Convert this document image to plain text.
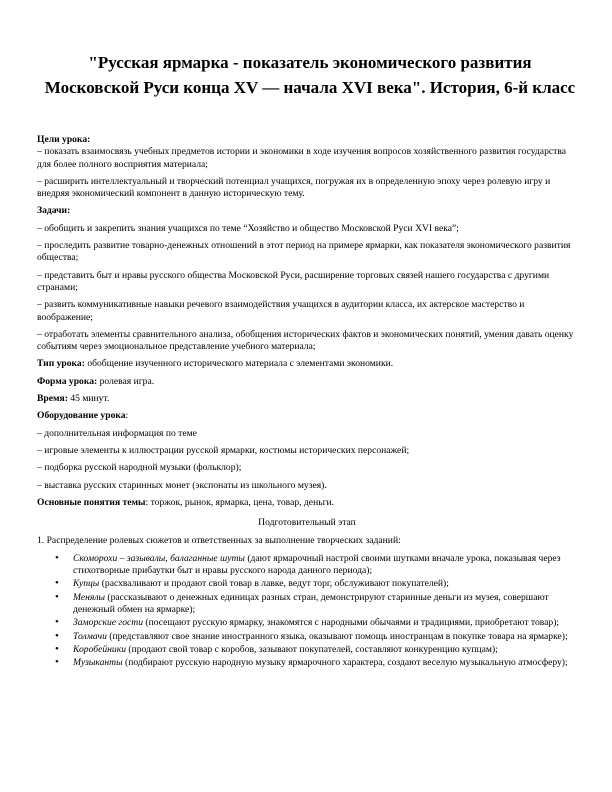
"Русская ярмарка - показатель экономического развития Московской Руси конца XV — начала XVI века". История, 6-й класс

Цели урока:

– показать взаимосвязь учебных предметов истории и экономики в ходе изучения вопросов хозяйственного развития государства для более полного восприятия материала;

– расширить интеллектуальный и творческий потенциал учащихся, погружая их в определенную эпоху через ролевую игру и внедряя экономический компонент в данную историческую тему.

Задачи:

– обобщить и закрепить знания учащихся по теме “Хозяйство и общество Московской Руси XVI века”;

– проследить развитие товарно-денежных отношений в этот период на примере ярмарки, как показателя экономического развития общества;

– представить быт и нравы русского общества Московской Руси, расширение торговых связей нашего государства с другими странами;

– развить коммуникативные навыки речевого взаимодействия учащихся в аудитории класса, их актерское мастерство и воображение;

– отработать элементы сравнительного анализа, обобщения исторических фактов и экономических понятий, умения давать оценку событиям через эмоциональное представление учебного материала;

Тип урока: обобщение изученного исторического материала с элементами экономики.

Форма урока: ролевая игра.

Время: 45 минут.

Оборудование урока:

– дополнительная информация по теме

– игровые элементы к иллюстрации русской ярмарки, костюмы исторических персонажей;

– подборка русской народной музыки (фольклор);

– выставка русских старинных монет (экспонаты из школьного музея).

Основные понятия темы: торжок, рынок, ярмарка, цена, товар, деньги.

Подготовительный этап

1. Распределение ролевых сюжетов и ответственных за выполнение творческих заданий:

• Скоморохи – зазывалы, балаганные шуты (дают ярмарочный настрой своими шутками вначале урока, показывая через стихотворные прибаутки быт и нравы русского народа данного периода);
• Купцы (расхваливают и продают свой товар в лавке, ведут торг, обслуживают покупателей);
• Менялы (рассказывают о денежных единицах разных стран, демонстрируют старинные деньги из музея, совершают денежный обмен на ярмарке);
• Заморские гости (посещают русскую ярмарку, знакомятся с народными обычаями и традициями, приобретают товар);
• Толмачи (представляют свое знание иностранного языка, оказывают помощь иностранцам в покупке товара на ярмарке);
• Коробейники (продают свой товар с коробов, зазывают покупателей, составляют конкуренцию купцам);
• Музыканты (подбирают русскую народную музыку ярмарочного характера, создают веселую музыкальную атмосферу);
